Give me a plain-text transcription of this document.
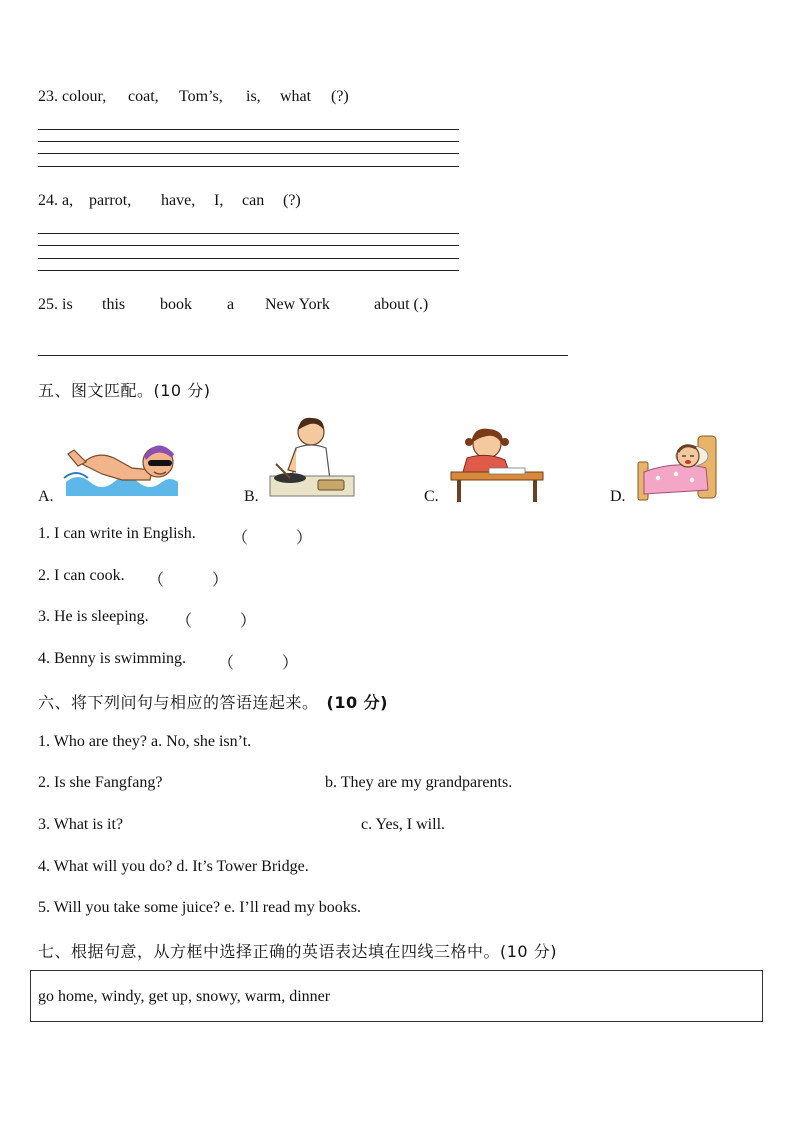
23. colour, coat, Tom’s, is, what (?)
24. a, parrot, have, I, can (?)
25. is this book a New York	about (.)
五、图文匹配。(10 分)
A.	B.	C.	D.
1. I can write in English. （　　　）
2. I can cook. （　　　）
3. He is sleeping. （　　　）
4. Benny is swimming. （　　　）
六、将下列问句与相应的答语连起来。 (10 分)
1. Who are they? a. No, she isn’t.
2. Is she Fangfang?	b. They are my grandparents.
3. What is it?	c. Yes, I will.
4. What will you do? d. It’s Tower Bridge.
5. Will you take some juice? e. I’ll read my books.
七、根据句意，从方框中选择正确的英语表达填在四线三格中。(10 分)
go home, windy, get up, snowy, warm, dinner
